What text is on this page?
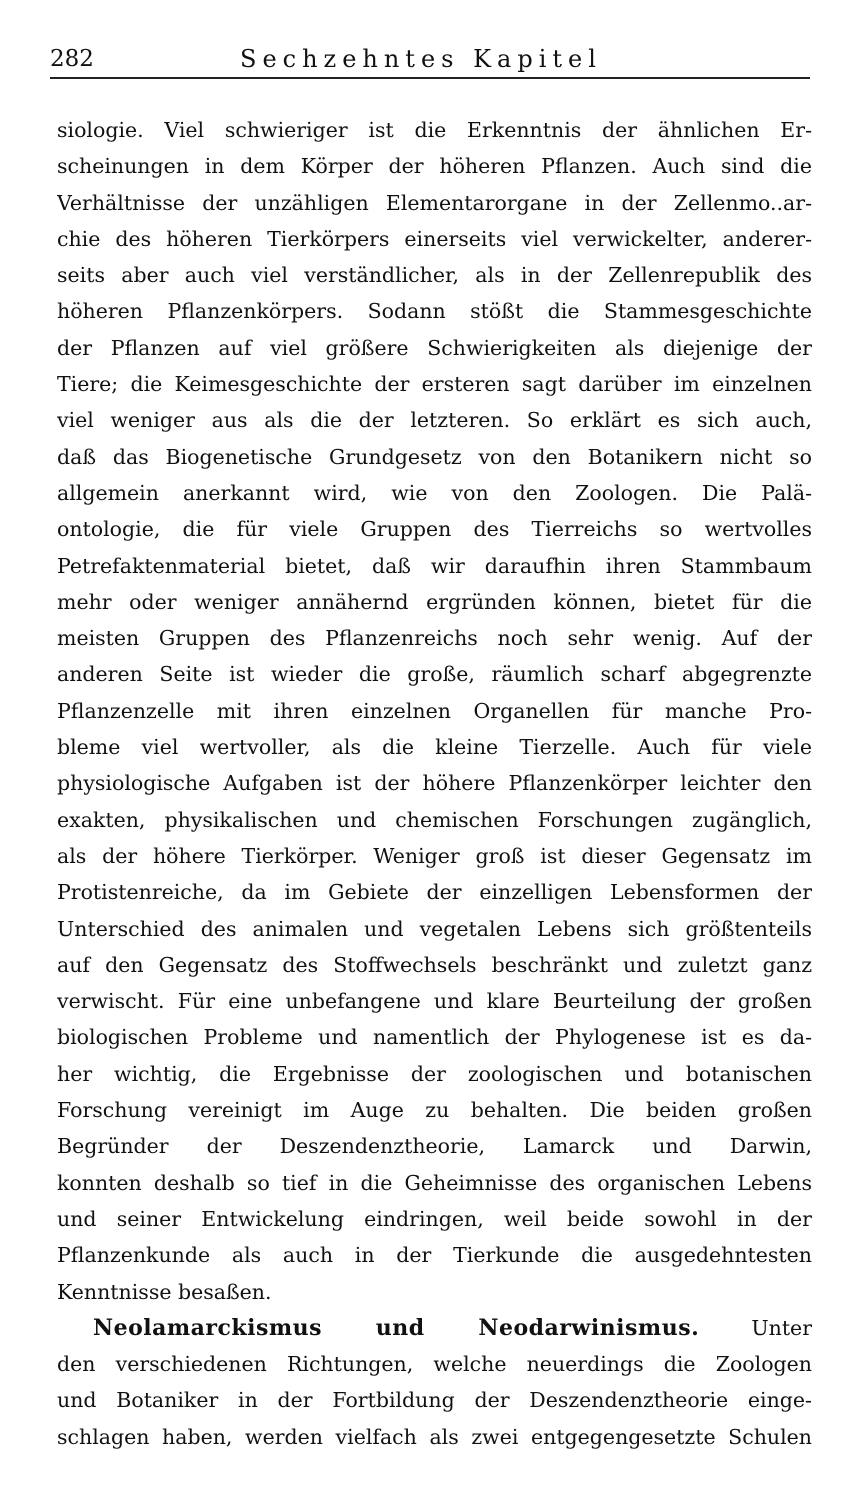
282	Sechzehntes Kapitel
siologie. Viel schwieriger ist die Erkenntnis der ähnlichen Er-
scheinungen in dem Körper der höheren Pflanzen. Auch sind die
Verhältnisse der unzähligen Elementarorgane in der Zellenmo..ar-
chie des höheren Tierkörpers einerseits viel verwickelter, anderer-
seits aber auch viel verständlicher, als in der Zellenrepublik des
höheren Pflanzenkörpers. Sodann stößt die Stammesgeschichte
der Pflanzen auf viel größere Schwierigkeiten als diejenige der
Tiere; die Keimesgeschichte der ersteren sagt darüber im einzelnen
viel weniger aus als die der letzteren. So erklärt es sich auch,
daß das Biogenetische Grundgesetz von den Botanikern nicht so
allgemein anerkannt wird, wie von den Zoologen. Die Palä-
ontologie, die für viele Gruppen des Tierreichs so wertvolles
Petrefaktenmaterial bietet, daß wir daraufhin ihren Stammbaum
mehr oder weniger annähernd ergründen können, bietet für die
meisten Gruppen des Pflanzenreichs noch sehr wenig. Auf der
anderen Seite ist wieder die große, räumlich scharf abgegrenzte
Pflanzenzelle mit ihren einzelnen Organellen für manche Pro-
bleme viel wertvoller, als die kleine Tierzelle. Auch für viele
physiologische Aufgaben ist der höhere Pflanzenkörper leichter den
exakten, physikalischen und chemischen Forschungen zugänglich,
als der höhere Tierkörper. Weniger groß ist dieser Gegensatz im
Protistenreiche, da im Gebiete der einzelligen Lebensformen der
Unterschied des animalen und vegetalen Lebens sich größtenteils
auf den Gegensatz des Stoffwechsels beschränkt und zuletzt ganz
verwischt. Für eine unbefangene und klare Beurteilung der großen
biologischen Probleme und namentlich der Phylogenese ist es da-
her wichtig, die Ergebnisse der zoologischen und botanischen
Forschung vereinigt im Auge zu behalten. Die beiden großen
Begründer der Deszendenztheorie, Lamarck und Darwin,
konnten deshalb so tief in die Geheimnisse des organischen Lebens
und seiner Entwickelung eindringen, weil beide sowohl in der
Pflanzenkunde als auch in der Tierkunde die ausgedehntesten
Kenntnisse besaßen.
Neolamarckismus und Neodarwinismus.	Unter
den verschiedenen Richtungen, welche neuerdings die Zoologen
und Botaniker in der Fortbildung der Deszendenztheorie einge-
schlagen haben, werden vielfach als zwei entgegengesetzte Schulen
